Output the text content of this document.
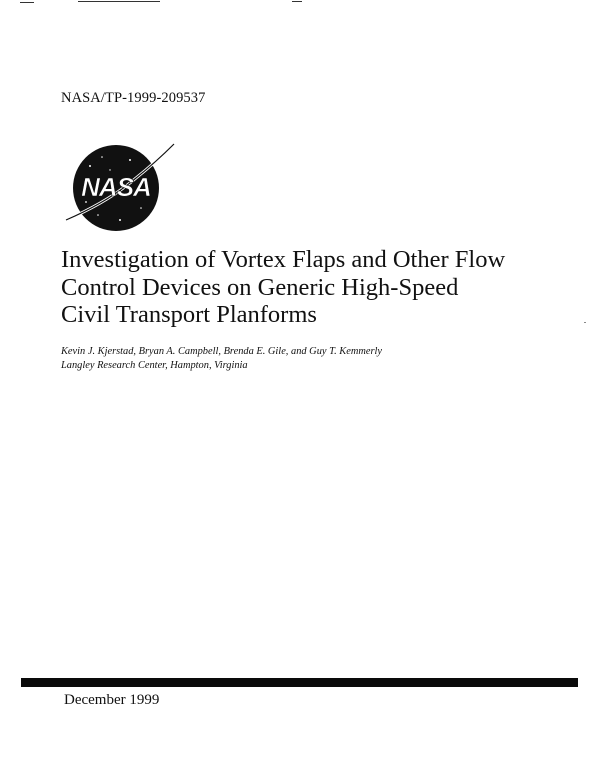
NASA/TP-1999-209537
NASA
Investigation of Vortex Flaps and Other Flow
Control Devices on Generic High-Speed
Civil Transport Planforms
Kevin J. Kjerstad, Bryan A. Campbell, Brenda E. Gile, and Guy T. Kemmerly
Langley Research Center, Hampton, Virginia
December 1999
